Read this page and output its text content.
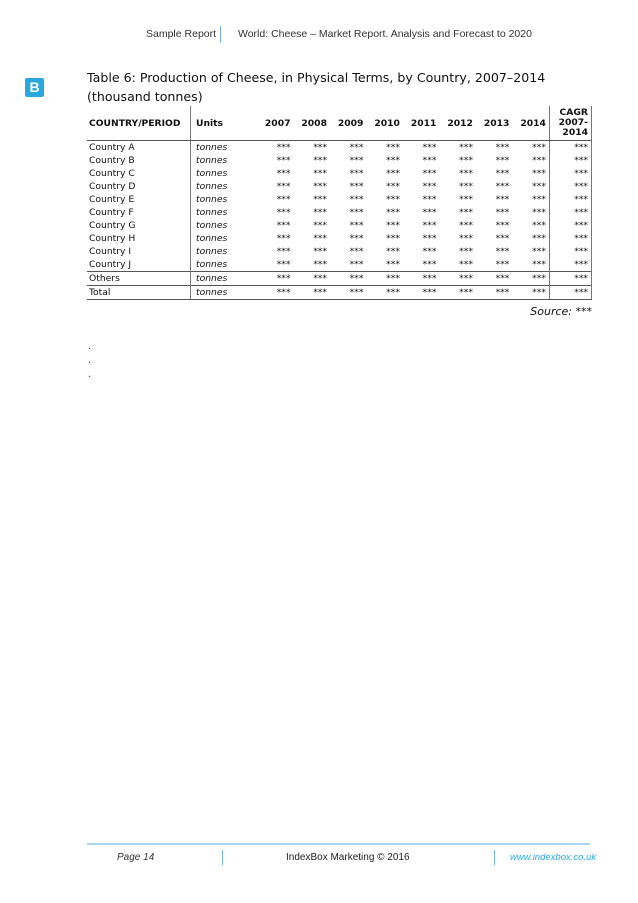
Sample Report World: Cheese – Market Report. Analysis and Forecast to 2020
B
Table 6: Production of Cheese, in Physical Terms, by Country, 2007–2014
(thousand tonnes)
COUNTRY/PERIOD	Units	2007	2008	2009	2010	2011	2012	2013	2014	CAGR
2007-
2014

Country A	tonnes	***	***	***	***	***	***	***	***	***
Country B	tonnes	***	***	***	***	***	***	***	***	***
Country C	tonnes	***	***	***	***	***	***	***	***	***
Country D	tonnes	***	***	***	***	***	***	***	***	***
Country E	tonnes	***	***	***	***	***	***	***	***	***
Country F	tonnes	***	***	***	***	***	***	***	***	***
Country G	tonnes	***	***	***	***	***	***	***	***	***
Country H	tonnes	***	***	***	***	***	***	***	***	***
Country I	tonnes	***	***	***	***	***	***	***	***	***
Country J	tonnes	***	***	***	***	***	***	***	***	***
Others	tonnes	***	***	***	***	***	***	***	***	***
Total	tonnes	***	***	***	***	***	***	***	***	***
Source: ***
.
.
.
Page 14	IndexBox Marketing © 2016	www.indexbox.co.uk
